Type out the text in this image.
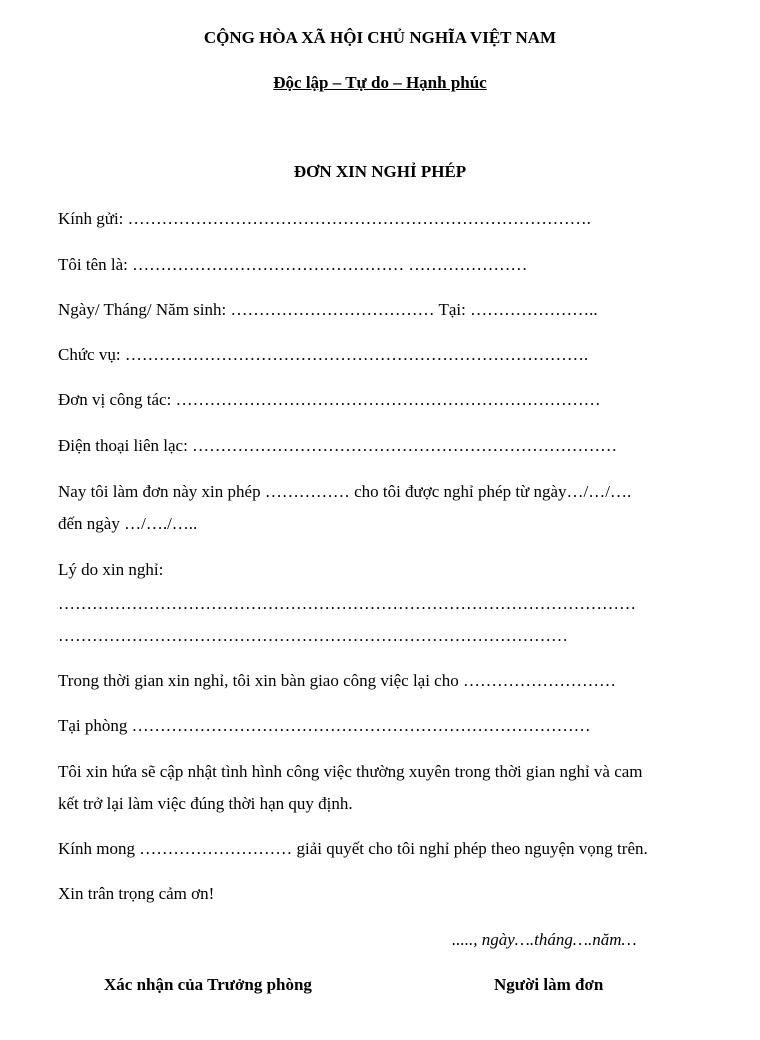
CỘNG HÒA XÃ HỘI CHỦ NGHĨA VIỆT NAM
Độc lập – Tự do – Hạnh phúc
ĐƠN XIN NGHỈ PHÉP
Kính gửi: ……………………………………………………………………….
Tôi tên là: ………………………………………… …………………
Ngày/ Tháng/ Năm sinh: ……………………………… Tại: …………………..
Chức vụ: ……………………………………………………………………….
Đơn vị công tác: …………………………………………………………………
Điện thoại liên lạc: …………………………………………………………………
Nay tôi làm đơn này xin phép …………… cho tôi được nghỉ phép từ ngày…/…/….
đến ngày …/…./…..
Lý do xin nghỉ:
…………………………………………………………………………………………
………………………………………………………………………………
Trong thời gian xin nghỉ, tôi xin bàn giao công việc lại cho ………………………
Tại phòng ………………………………………………………………………
Tôi xin hứa sẽ cập nhật tình hình công việc thường xuyên trong thời gian nghỉ và cam
kết trở lại làm việc đúng thời hạn quy định.
Kính mong ……………………… giải quyết cho tôi nghỉ phép theo nguyện vọng trên.
Xin trân trọng cảm ơn!
....., ngày….tháng….năm…
Xác nhận của Trưởng phòng	Người làm đơn
